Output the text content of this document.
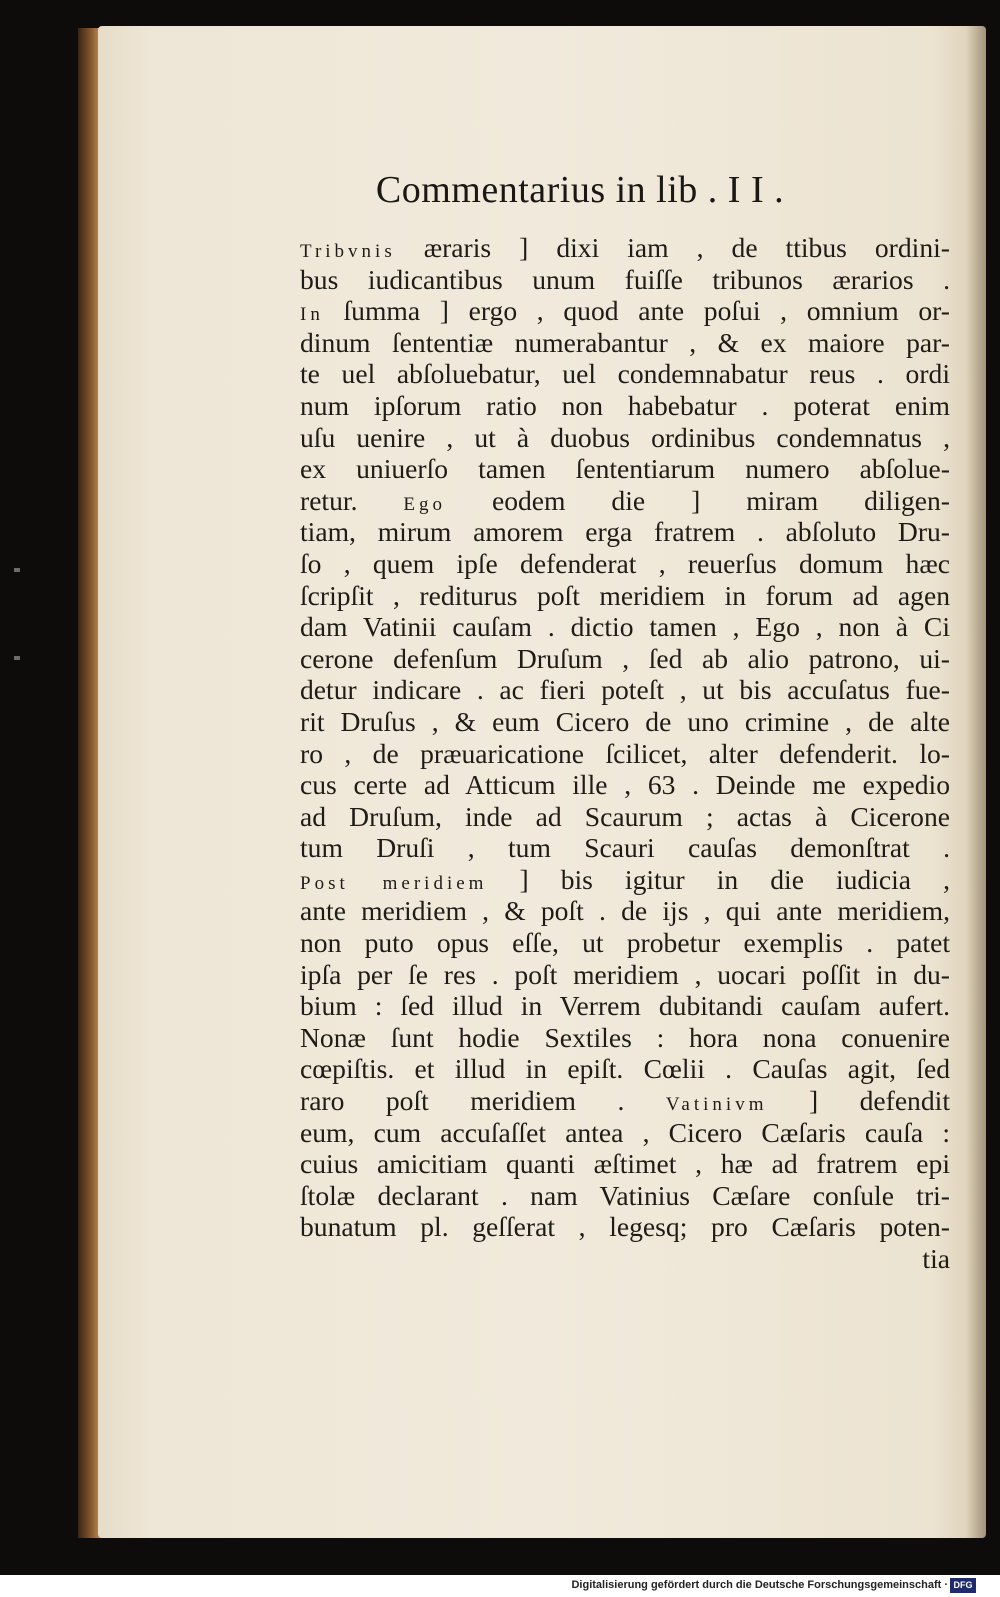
Commentarius in lib . I I .
Tribvnis æraris ] dixi iam , de ttibus ordini-
bus iudicantibus unum fuiſſe tribunos ærarios .
In ſumma ] ergo , quod ante poſui , omnium or-
dinum ſententiæ numerabantur , & ex maiore par-
te uel abſoluebatur, uel condemnabatur reus . ordi
num ipſorum ratio non habebatur . poterat enim
uſu uenire , ut à duobus ordinibus condemnatus ,
ex uniuerſo tamen ſententiarum numero abſolue-
retur. Ego eodem die ] miram diligen-
tiam, mirum amorem erga fratrem . abſoluto Dru-
ſo , quem ipſe defenderat , reuerſus domum hæc
ſcripſit , rediturus poſt meridiem in forum ad agen
dam Vatinii cauſam . dictio tamen , Ego , non à Ci
cerone defenſum Druſum , ſed ab alio patrono, ui-
detur indicare . ac fieri poteſt , ut bis accuſatus fue-
rit Druſus , & eum Cicero de uno crimine , de alte
ro , de præuaricatione ſcilicet, alter defenderit. lo-
cus certe ad Atticum ille , 63 . Deinde me expedio
ad Druſum, inde ad Scaurum ; actas à Cicerone
tum Druſi , tum Scauri cauſas demonſtrat .
Post meridiem ] bis igitur in die iudicia ,
ante meridiem , & poſt . de ijs , qui ante meridiem,
non puto opus eſſe, ut probetur exemplis . patet
ipſa per ſe res . poſt meridiem , uocari poſſit in du-
bium : ſed illud in Verrem dubitandi cauſam aufert.
Nonæ ſunt hodie Sextiles : hora nona conuenire
cœpiſtis. et illud in epiſt. Cœlii . Cauſas agit, ſed
raro poſt meridiem . Vatinivm ] defendit
eum, cum accuſaſſet antea , Cicero Cæſaris cauſa :
cuius amicitiam quanti æſtimet , hæ ad fratrem epi
ſtolæ declarant . nam Vatinius Cæſare conſule tri-
bunatum pl. geſſerat , legesq; pro Cæſaris poten-
tia
Digitalisierung gefördert durch die Deutsche Forschungsgemeinschaft · DFG
